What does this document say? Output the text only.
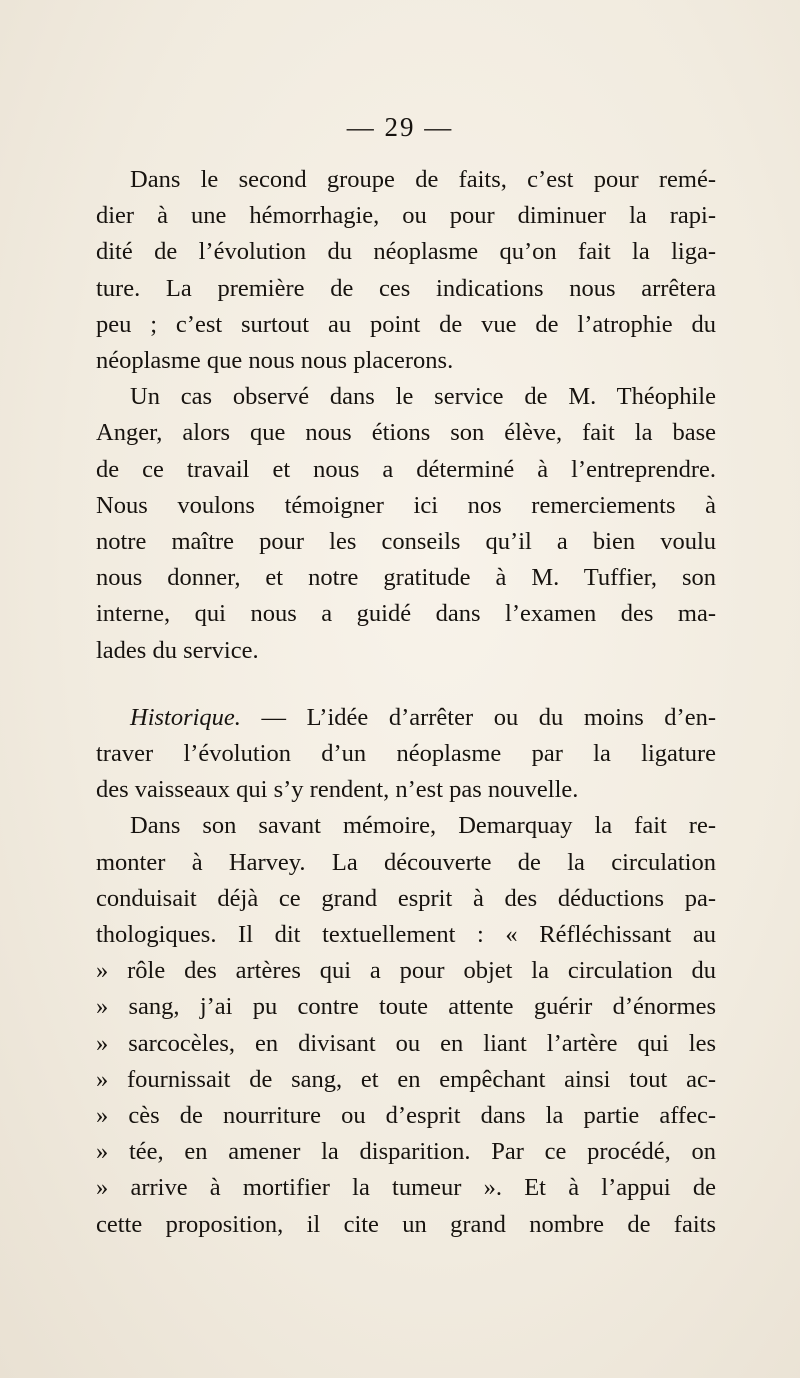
— 29 —
Dans le second groupe de faits, c’est pour remé-
dier à une hémorrhagie, ou pour diminuer la rapi-
dité de l’évolution du néoplasme qu’on fait la liga-
ture. La première de ces indications nous arrêtera
peu ; c’est surtout au point de vue de l’atrophie du
néoplasme que nous nous placerons.
Un cas observé dans le service de M. Théophile
Anger, alors que nous étions son élève, fait la base
de ce travail et nous a déterminé à l’entreprendre.
Nous voulons témoigner ici nos remerciements à
notre maître pour les conseils qu’il a bien voulu
nous donner, et notre gratitude à M. Tuffier, son
interne, qui nous a guidé dans l’examen des ma-
lades du service.
Historique. — L’idée d’arrêter ou du moins d’en-
traver l’évolution d’un néoplasme par la ligature
des vaisseaux qui s’y rendent, n’est pas nouvelle.
Dans son savant mémoire, Demarquay la fait re-
monter à Harvey. La découverte de la circulation
conduisait déjà ce grand esprit à des déductions pa-
thologiques. Il dit textuellement : « Réfléchissant au
» rôle des artères qui a pour objet la circulation du
» sang, j’ai pu contre toute attente guérir d’énormes
» sarcocèles, en divisant ou en liant l’artère qui les
» fournissait de sang, et en empêchant ainsi tout ac-
» cès de nourriture ou d’esprit dans la partie affec-
» tée, en amener la disparition. Par ce procédé, on
» arrive à mortifier la tumeur ». Et à l’appui de
cette proposition, il cite un grand nombre de faits
